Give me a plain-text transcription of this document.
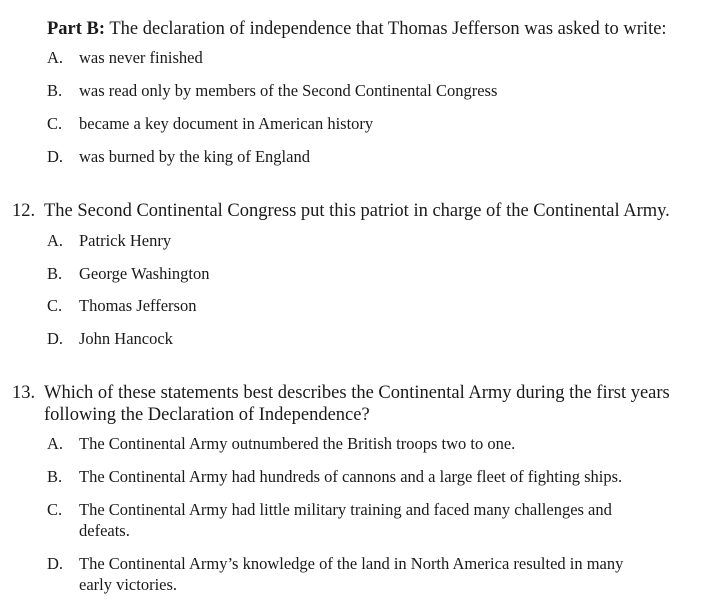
Part B: The declaration of independence that Thomas Jefferson was asked to write:
A. was never finished
B. was read only by members of the Second Continental Congress
C. became a key document in American history
D. was burned by the king of England
12. The Second Continental Congress put this patriot in charge of the Continental Army.
A. Patrick Henry
B. George Washington
C. Thomas Jefferson
D. John Hancock
13. Which of these statements best describes the Continental Army during the first years following the Declaration of Independence?
A. The Continental Army outnumbered the British troops two to one.
B. The Continental Army had hundreds of cannons and a large fleet of fighting ships.
C. The Continental Army had little military training and faced many challenges and defeats.
D. The Continental Army’s knowledge of the land in North America resulted in many early victories.
